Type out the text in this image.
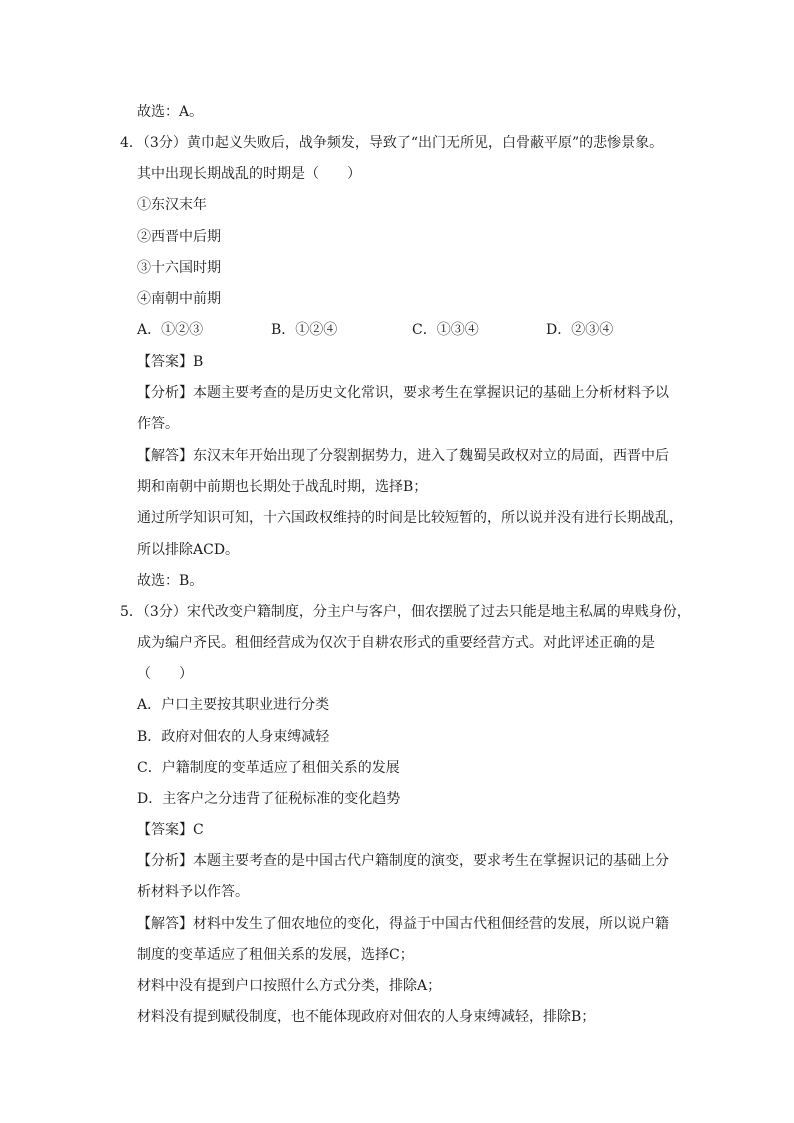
故选：A。
4．（3分）黄巾起义失败后，战争频发，导致了“出门无所见，白骨蔽平原”的悲惨景象。
其中出现长期战乱的时期是（　　）
①东汉末年
②西晋中后期
③十六国时期
④南朝中前期
A．①②③	B．①②④	C．①③④	D．②③④
【答案】B
【分析】本题主要考查的是历史文化常识，要求考生在掌握识记的基础上分析材料予以
作答。
【解答】东汉末年开始出现了分裂割据势力，进入了魏蜀吴政权对立的局面，西晋中后
期和南朝中前期也长期处于战乱时期，选择B；
通过所学知识可知，十六国政权维持的时间是比较短暂的，所以说并没有进行长期战乱，
所以排除ACD。
故选：B。
5．（3分）宋代改变户籍制度，分主户与客户，佃农摆脱了过去只能是地主私属的卑贱身份，
成为编户齐民。租佃经营成为仅次于自耕农形式的重要经营方式。对此评述正确的是
（　　）
A．户口主要按其职业进行分类
B．政府对佃农的人身束缚减轻
C．户籍制度的变革适应了租佃关系的发展
D．主客户之分违背了征税标准的变化趋势
【答案】C
【分析】本题主要考查的是中国古代户籍制度的演变，要求考生在掌握识记的基础上分
析材料予以作答。
【解答】材料中发生了佃农地位的变化，得益于中国古代租佃经营的发展，所以说户籍
制度的变革适应了租佃关系的发展，选择C；
材料中没有提到户口按照什么方式分类，排除A；
材料没有提到赋役制度，也不能体现政府对佃农的人身束缚减轻，排除B；
